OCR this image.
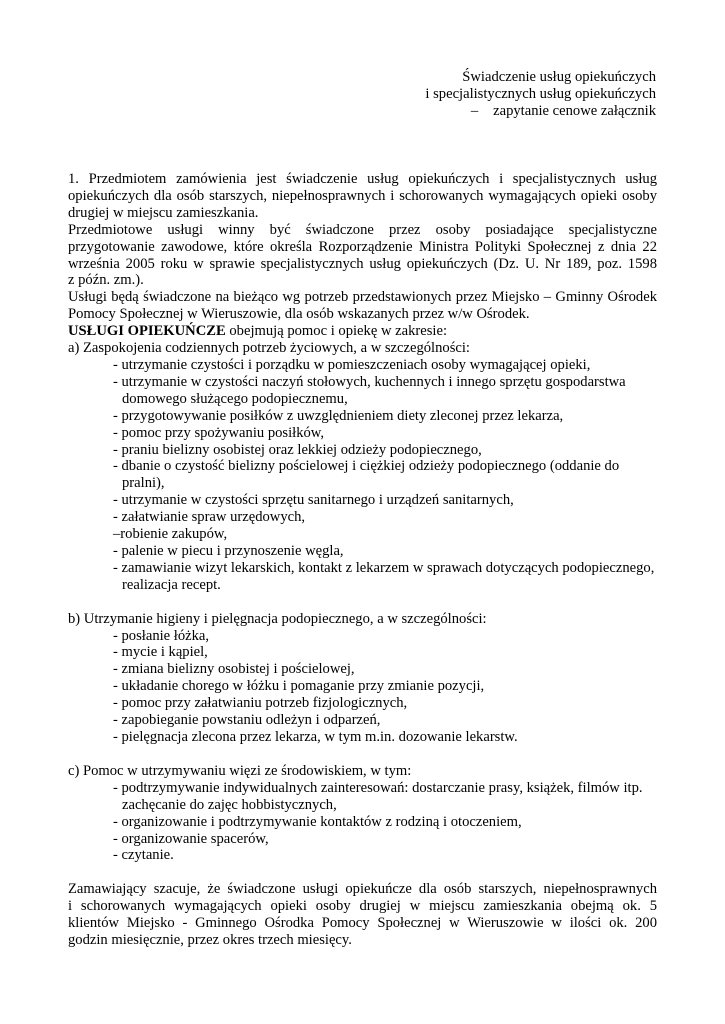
Świadczenie usług opiekuńczych
i specjalistycznych usług opiekuńczych
– zapytanie cenowe załącznik
1. Przedmiotem zamówienia jest świadczenie usług opiekuńczych i specjalistycznych usług
opiekuńczych dla osób starszych, niepełnosprawnych i schorowanych wymagających opieki osoby
drugiej w miejscu zamieszkania.
Przedmiotowe usługi winny być świadczone przez osoby posiadające specjalistyczne
przygotowanie zawodowe, które określa Rozporządzenie Ministra Polityki Społecznej z dnia 22
września 2005 roku w sprawie specjalistycznych usług opiekuńczych (Dz. U. Nr 189, poz. 1598
z późn. zm.).
Usługi będą świadczone na bieżąco wg potrzeb przedstawionych przez Miejsko – Gminny Ośrodek
Pomocy Społecznej w Wieruszowie, dla osób wskazanych przez w/w Ośrodek.
USŁUGI OPIEKUŃCZE obejmują pomoc i opiekę w zakresie:
a) Zaspokojenia codziennych potrzeb życiowych, a w szczególności:
- utrzymanie czystości i porządku w pomieszczeniach osoby wymagającej opieki,
- utrzymanie w czystości naczyń stołowych, kuchennych i innego sprzętu gospodarstwa
domowego służącego podopiecznemu,
- przygotowywanie posiłków z uwzględnieniem diety zleconej przez lekarza,
- pomoc przy spożywaniu posiłków,
- praniu bielizny osobistej oraz lekkiej odzieży podopiecznego,
- dbanie o czystość bielizny pościelowej i ciężkiej odzieży podopiecznego (oddanie do
pralni),
- utrzymanie w czystości sprzętu sanitarnego i urządzeń sanitarnych,
- załatwianie spraw urzędowych,
–robienie zakupów,
- palenie w piecu i przynoszenie węgla,
- zamawianie wizyt lekarskich, kontakt z lekarzem w sprawach dotyczących podopiecznego,
realizacja recept.
b) Utrzymanie higieny i pielęgnacja podopiecznego, a w szczególności:
- posłanie łóżka,
- mycie i kąpiel,
- zmiana bielizny osobistej i pościelowej,
- układanie chorego w łóżku i pomaganie przy zmianie pozycji,
- pomoc przy załatwianiu potrzeb fizjologicznych,
- zapobieganie powstaniu odleżyn i odparzeń,
- pielęgnacja zlecona przez lekarza, w tym m.in. dozowanie lekarstw.
c) Pomoc w utrzymywaniu więzi ze środowiskiem, w tym:
- podtrzymywanie indywidualnych zainteresowań: dostarczanie prasy, książek, filmów itp.
zachęcanie do zajęc hobbistycznych,
- organizowanie i podtrzymywanie kontaktów z rodziną i otoczeniem,
- organizowanie spacerów,
- czytanie.
Zamawiający szacuje, że świadczone usługi opiekuńcze dla osób starszych, niepełnosprawnych
i schorowanych wymagających opieki osoby drugiej w miejscu zamieszkania obejmą ok. 5
klientów Miejsko - Gminnego Ośrodka Pomocy Społecznej w Wieruszowie w ilości ok. 200
godzin miesięcznie, przez okres trzech miesięcy.
